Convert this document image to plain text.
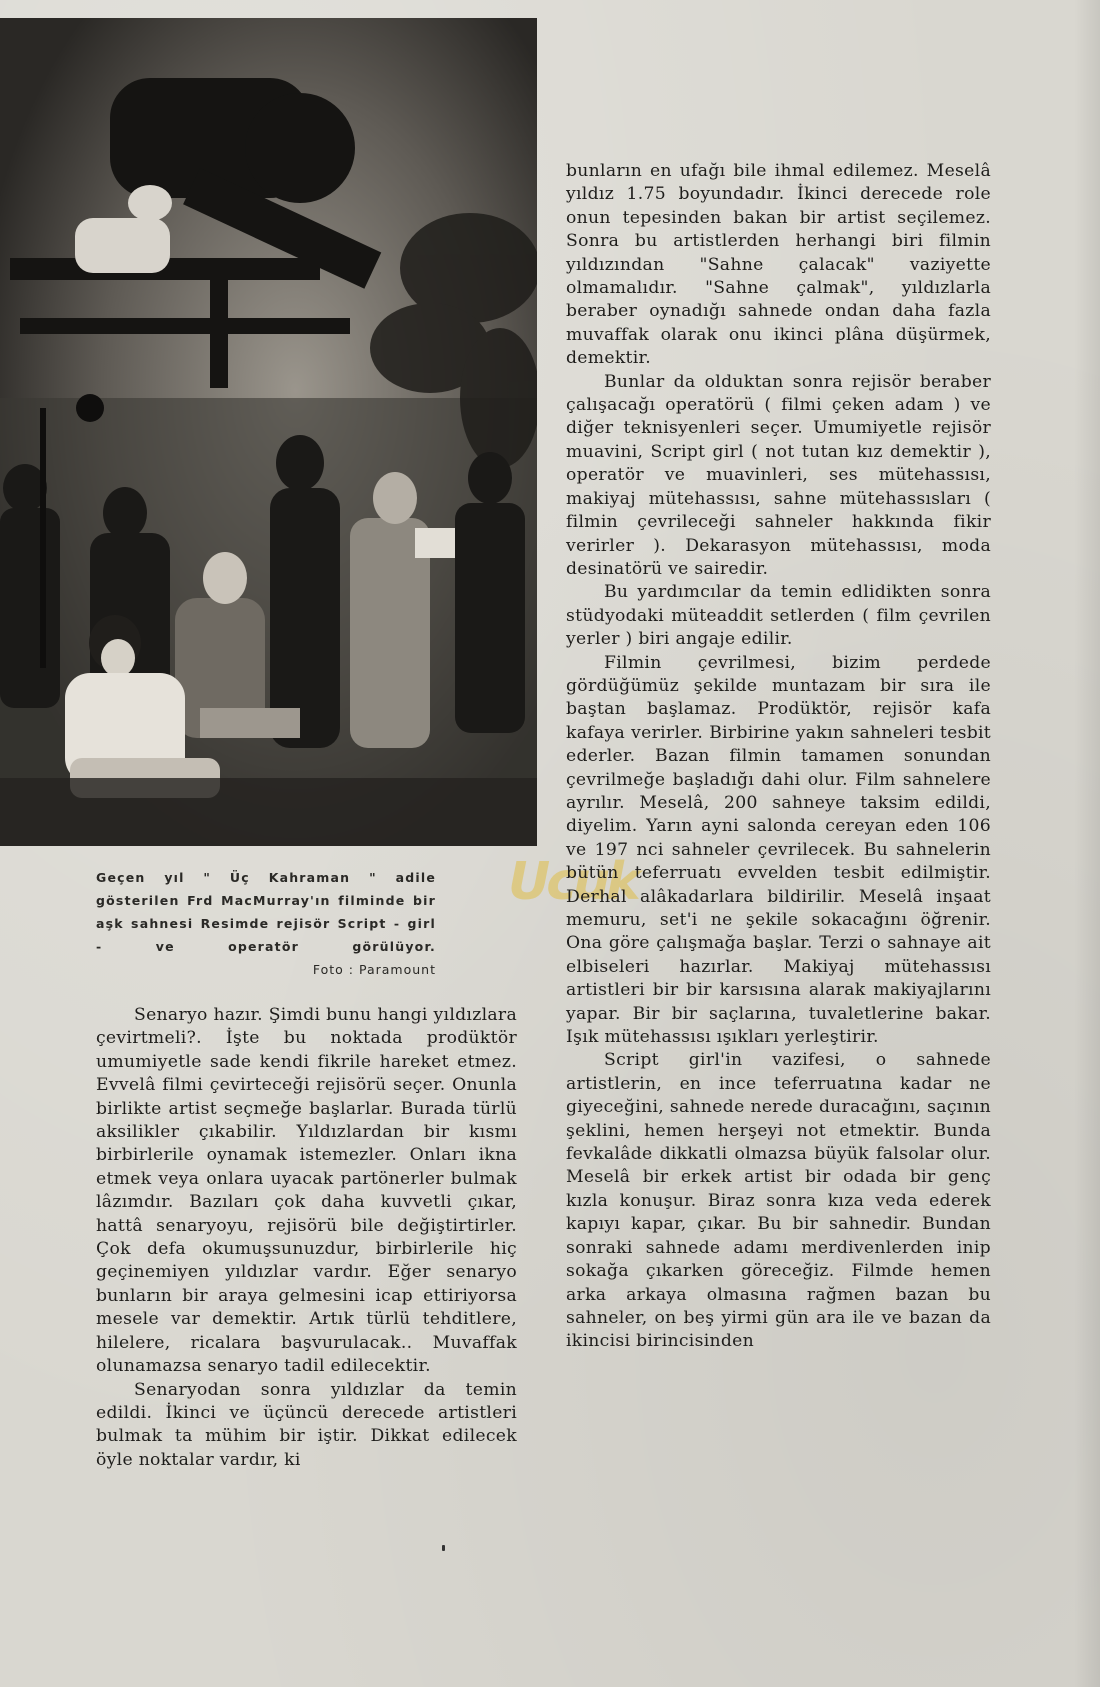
Ucuk
Geçen yıl " Üç Kahraman " adile gösterilen Frd MacMurray'ın filminde bir aşk sahnesi Resimde rejisör Script - girl - ve operatör görülüyor.
Foto : Paramount

Senaryo hazır. Şimdi bunu hangi yıldızlara çevirtmeli?. İşte bu noktada prodüktör umumiyetle sade kendi fikrile hareket etmez. Evvelâ filmi çevirteceği rejisörü seçer. Onunla birlikte artist seçmeğe başlarlar. Burada türlü aksilikler çıkabilir. Yıldızlardan bir kısmı birbirlerile oynamak istemezler. Onları ikna etmek veya onlara uyacak partönerler bulmak lâzımdır. Bazıları çok daha kuvvetli çıkar, hattâ senaryoyu, rejisörü bile değiştirtirler. Çok defa okumuşsunuzdur, birbirlerile hiç geçinemiyen yıldızlar vardır. Eğer senaryo bunların bir araya gelmesini icap ettiriyorsa mesele var demektir. Artık türlü tehditlere, hilelere, ricalara başvurulacak.. Muvaffak olunamazsa senaryo tadil edilecektir.

Senaryodan sonra yıldızlar da temin edildi. İkinci ve üçüncü derecede artistleri bulmak ta mühim bir iştir. Dikkat edilecek öyle noktalar vardır, ki

bunların en ufağı bile ihmal edilemez. Meselâ yıldız 1.75 boyundadır. İkinci derecede role onun tepesinden bakan bir artist seçilemez. Sonra bu artistlerden herhangi biri filmin yıldızından "Sahne çalacak" vaziyette olmamalıdır. "Sahne çalmak", yıldızlarla beraber oynadığı sahnede ondan daha fazla muvaffak olarak onu ikinci plâna düşürmek, demektir.

Bunlar da olduktan sonra rejisör beraber çalışacağı operatörü ( filmi çeken adam ) ve diğer teknisyenleri seçer. Umumiyetle rejisör muavini, Script girl ( not tutan kız demektir ), operatör ve muavinleri, ses mütehassısı, makiyaj mütehassısı, sahne mütehassısları ( filmin çevrileceği sahneler hakkında fikir verirler ). Dekarasyon mütehassısı, moda desinatörü ve sairedir.

Bu yardımcılar da temin edlidikten sonra stüdyodaki müteaddit setlerden ( film çevrilen yerler ) biri angaje edilir.

Filmin çevrilmesi, bizim perdede gördüğümüz şekilde muntazam bir sıra ile baştan başlamaz. Prodüktör, rejisör kafa kafaya verirler. Birbirine yakın sahneleri tesbit ederler. Bazan filmin tamamen sonundan çevrilmeğe başladığı dahi olur. Film sahnelere ayrılır. Meselâ, 200 sahneye taksim edildi, diyelim. Yarın ayni salonda cereyan eden 106 ve 197 nci sahneler çevrilecek. Bu sahnelerin bütün teferruatı evvelden tesbit edilmiştir. Derhal alâkadarlara bildirilir. Meselâ inşaat memuru, set'i ne şekile sokacağını öğrenir. Ona göre çalışmağa başlar. Terzi o sahnaye ait elbiseleri hazırlar. Makiyaj mütehassısı artistleri bir bir karsısına alarak makiyajlarını yapar. Bir bir saçlarına, tuvaletlerine bakar. Işık mütehassısı ışıkları yerleştirir.

Script girl'in vazifesi, o sahnede artistlerin, en ince teferruatına kadar ne giyeceğini, sahnede nerede duracağını, saçının şeklini, hemen herşeyi not etmektir. Bunda fevkalâde dikkatli olmazsa büyük falsolar olur. Meselâ bir erkek artist bir odada bir genç kızla konuşur. Biraz sonra kıza veda ederek kapıyı kapar, çıkar. Bu bir sahnedir. Bundan sonraki sahnede adamı merdivenlerden inip sokağa çıkarken göreceğiz. Filmde hemen arka arkaya olmasına rağmen bazan bu sahneler, on beş yirmi gün ara ile ve bazan da ikincisi birincisinden
